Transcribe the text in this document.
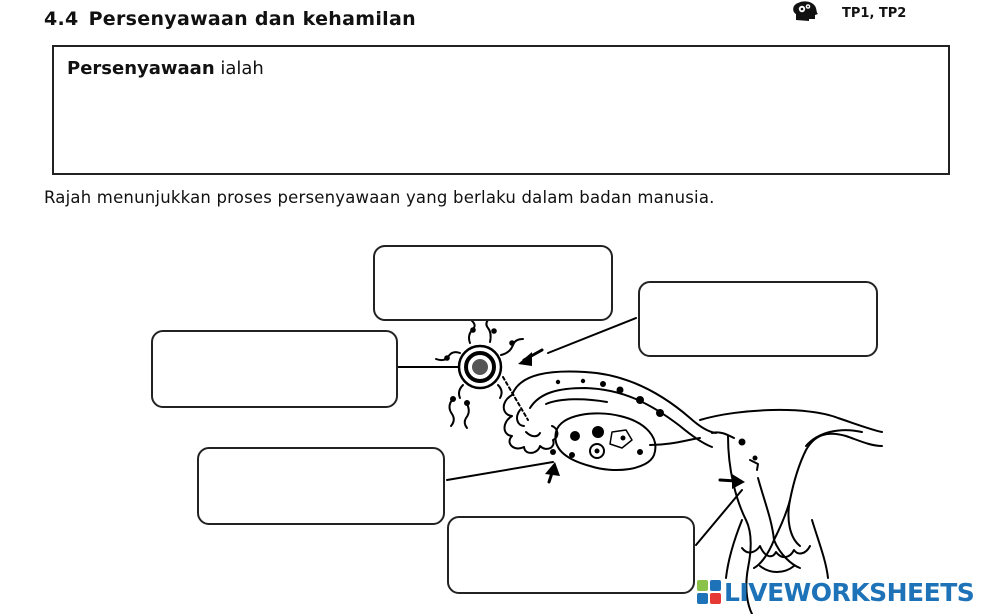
4.4 Persenyawaan dan kehamilan	TP1, TP2
Persenyawaan ialah
Rajah menunjukkan proses persenyawaan yang berlaku dalam badan manusia.
LIVEWORKSHEETS
